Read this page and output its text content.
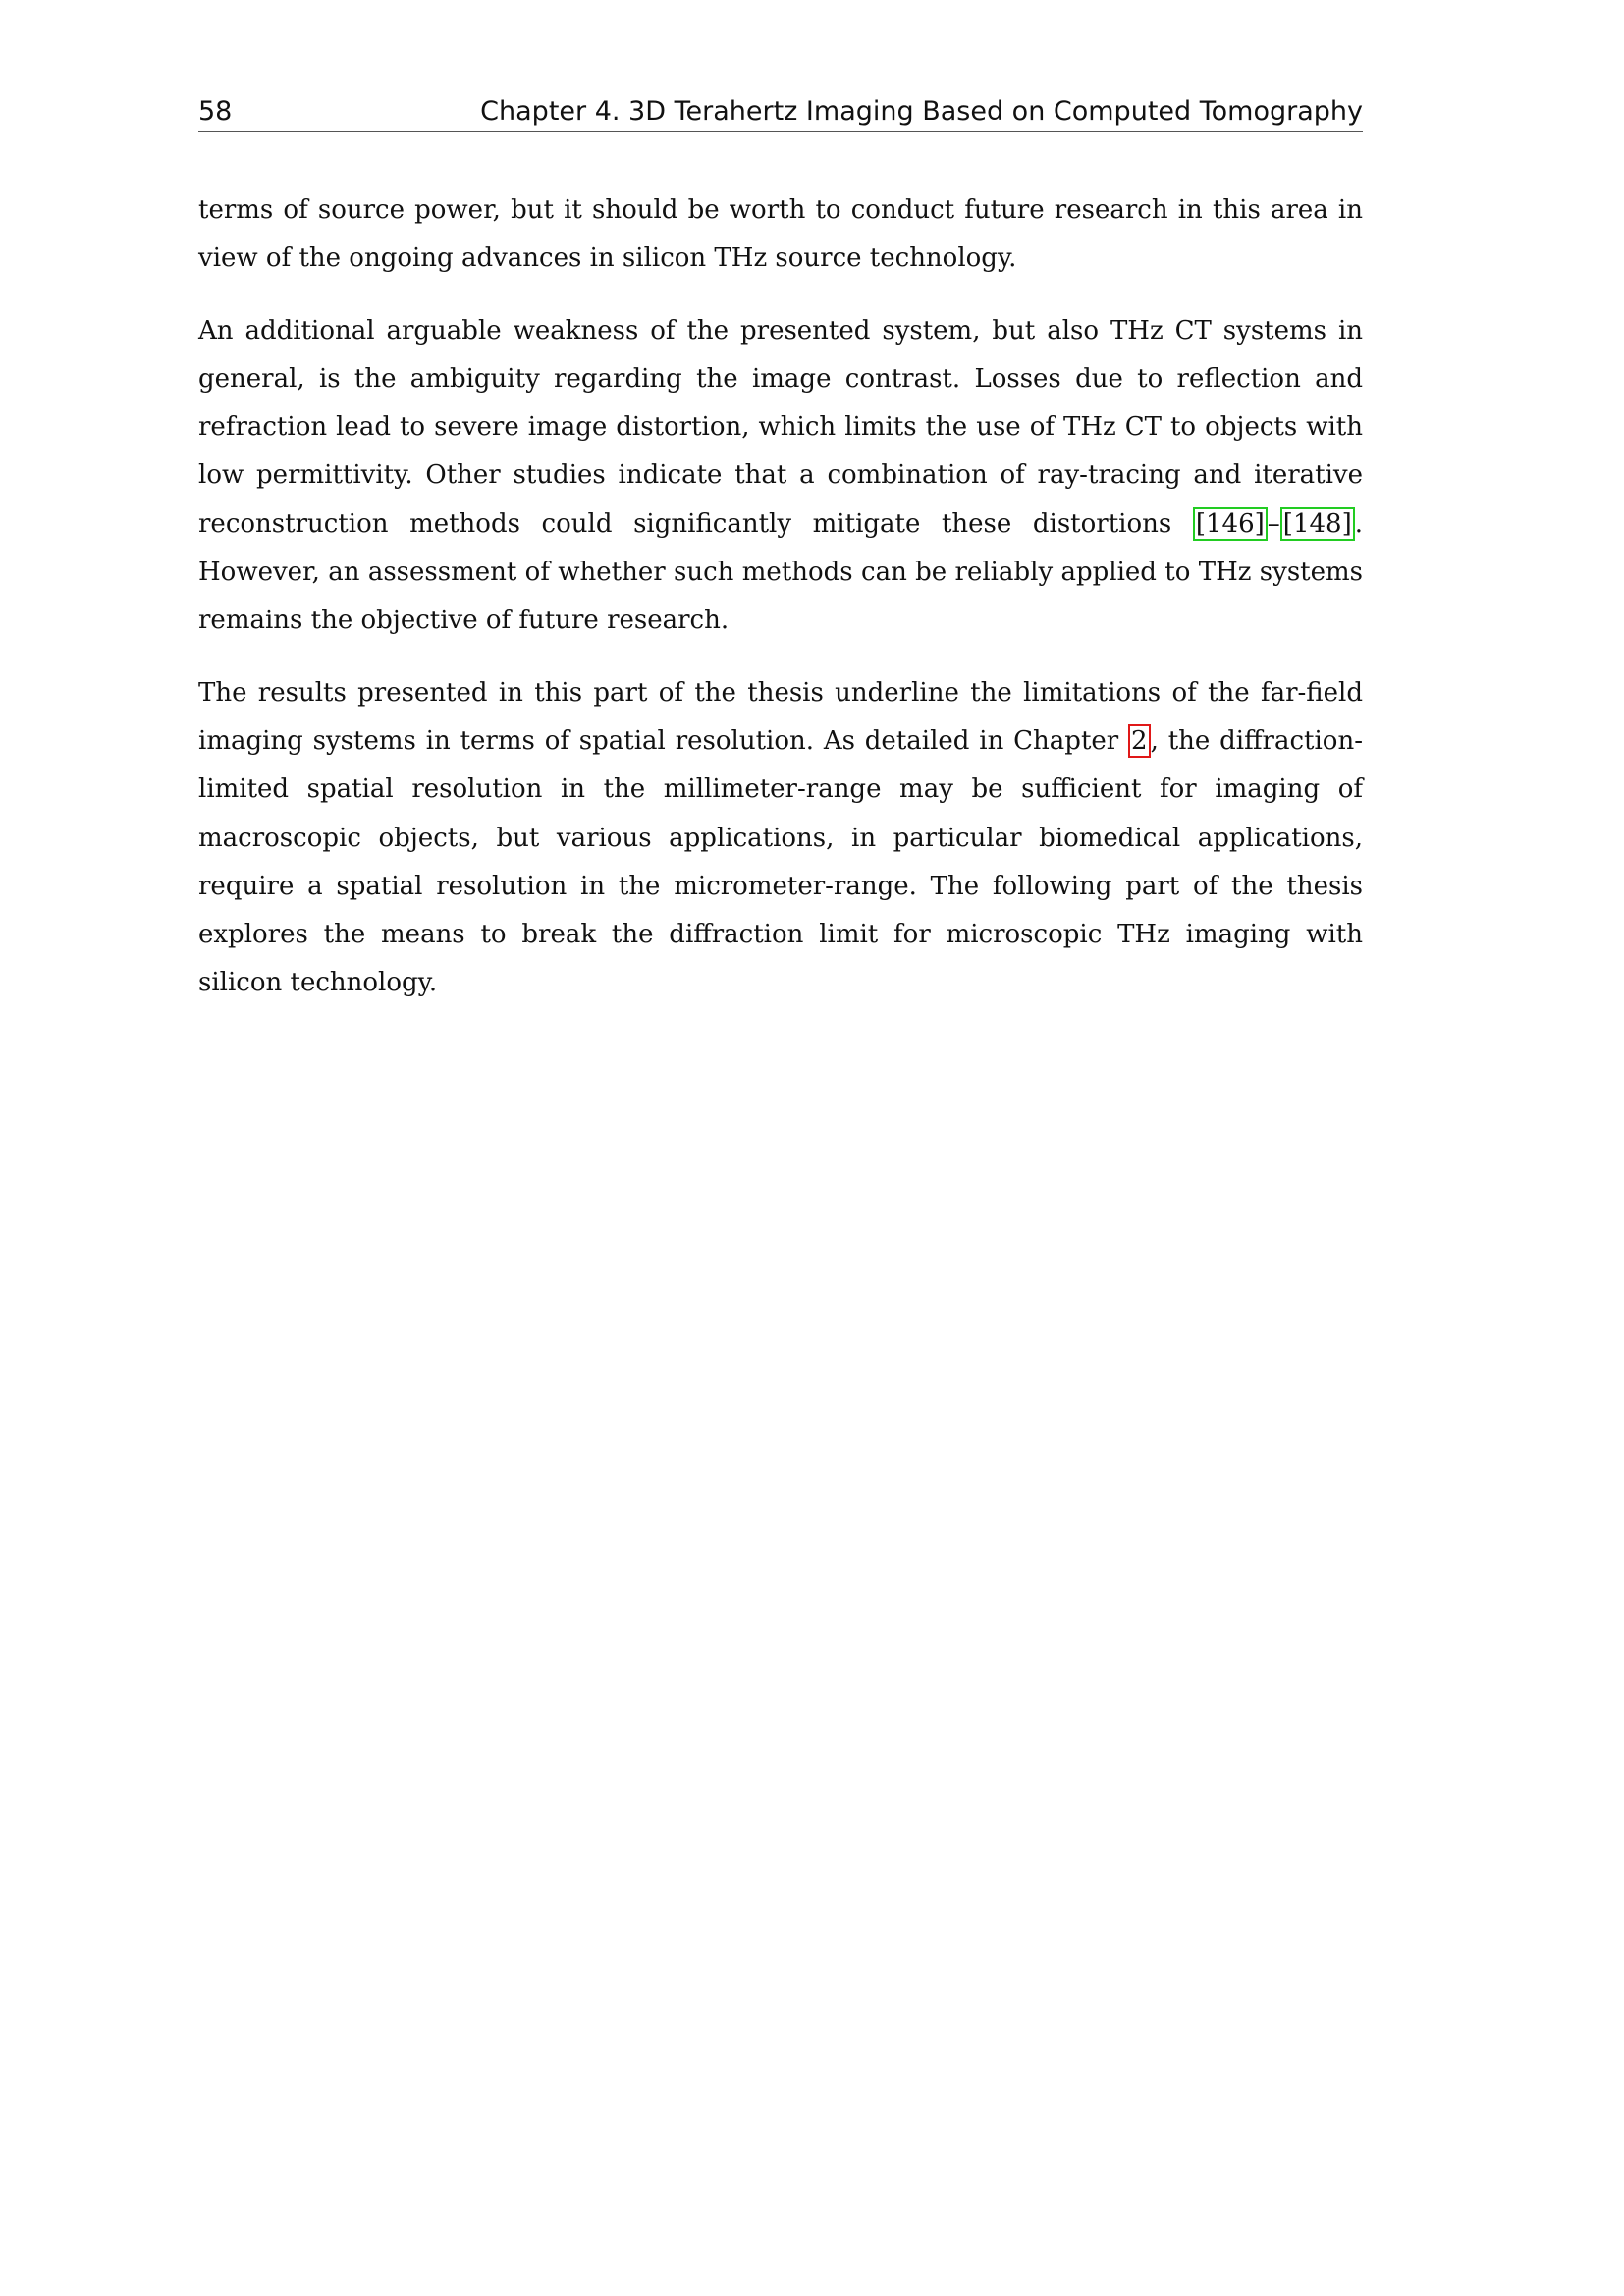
58	Chapter 4. 3D Terahertz Imaging Based on Computed Tomography

terms of source power, but it should be worth to conduct future research in this area in view of the ongoing advances in silicon THz source technology.

An additional arguable weakness of the presented system, but also THz CT systems in general, is the ambiguity regarding the image contrast. Losses due to reflection and refraction lead to severe image distortion, which limits the use of THz CT to objects with low permittivity. Other studies indicate that a combination of ray-tracing and iterative reconstruction methods could significantly mitigate these distortions [146] – [148] . However, an assessment of whether such methods can be reliably applied to THz systems remains the objective of future research.

The results presented in this part of the thesis underline the limitations of the far-field imaging systems in terms of spatial resolution. As detailed in Chapter 2 , the diffraction-limited spatial resolution in the millimeter-range may be sufficient for imaging of macroscopic objects, but various applications, in particular biomedical applications, require a spatial resolution in the micrometer-range. The following part of the thesis explores the means to break the diffraction limit for microscopic THz imaging with silicon technology.
